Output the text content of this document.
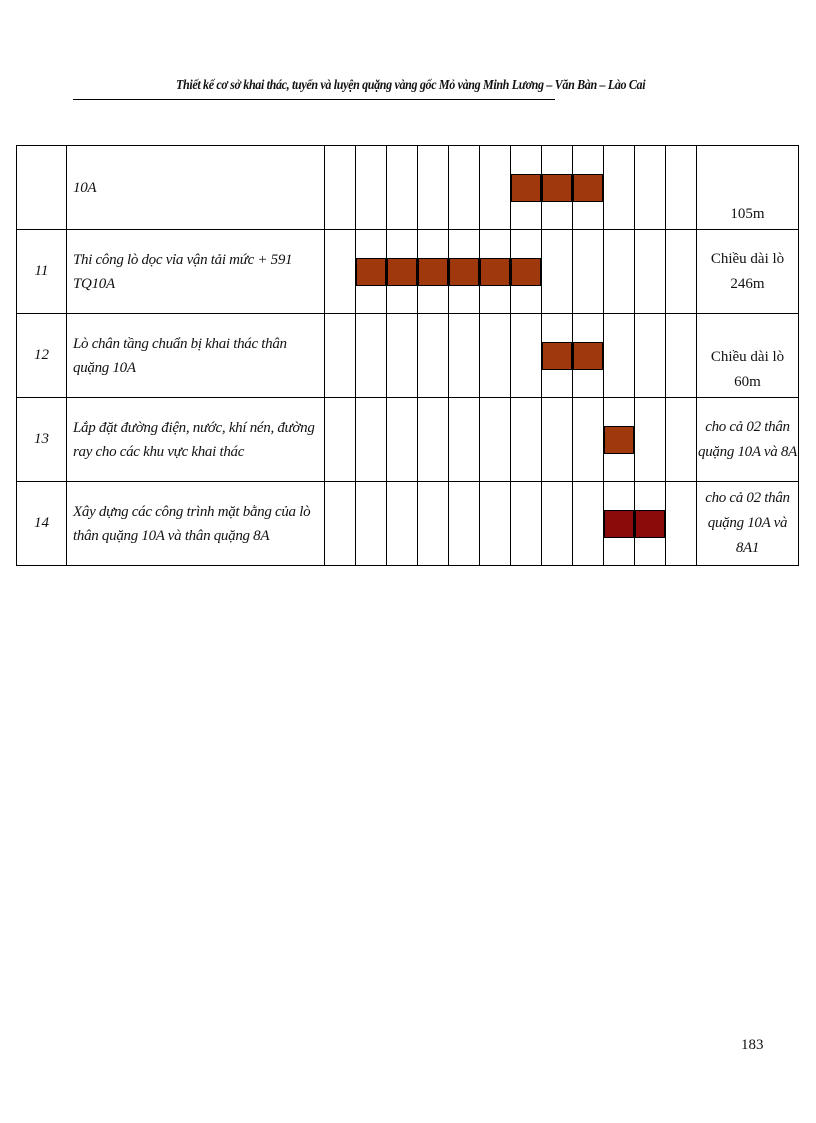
Thiết kế cơ sở khai thác, tuyển và luyện quặng vàng gốc Mỏ vàng Minh Lương – Văn Bàn – Lào Cai
	10A													105m
11	Thi công lò dọc vỉa vận tải mức + 591 TQ10A													Chiều dài lò 246m
12	Lò chân tầng chuẩn bị khai thác thân quặng 10A													Chiều dài lò 60m
13	Lắp đặt đường điện, nước, khí nén, đường ray cho các khu vực khai thác													cho cả 02 thân quặng 10A và 8A
14	Xây dựng các công trình mặt bằng của lò thân quặng 10A và thân quặng 8A													cho cả 02 thân quặng 10A và 8A1
183
